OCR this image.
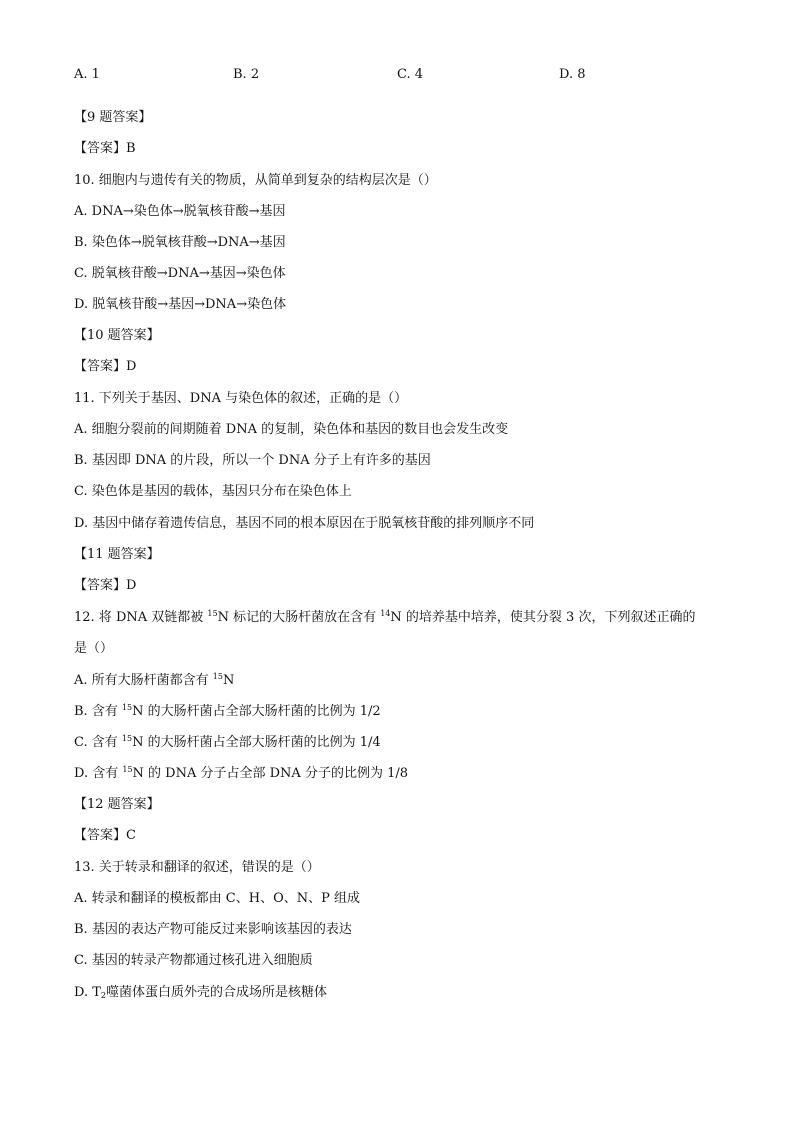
A. 1	B. 2	C. 4	D. 8
【9 题答案】
【答案】B
10. 细胞内与遗传有关的物质，从简单到复杂的结构层次是（）
A. DNA→染色体→脱氧核苷酸→基因
B. 染色体→脱氧核苷酸→DNA→基因
C. 脱氧核苷酸→DNA→基因→染色体
D. 脱氧核苷酸→基因→DNA→染色体
【10 题答案】
【答案】D
11. 下列关于基因、DNA 与染色体的叙述，正确的是（）
A. 细胞分裂前的间期随着 DNA 的复制，染色体和基因的数目也会发生改变
B. 基因即 DNA 的片段，所以一个 DNA 分子上有许多的基因
C. 染色体是基因的载体，基因只分布在染色体上
D. 基因中储存着遗传信息，基因不同的根本原因在于脱氧核苷酸的排列顺序不同
【11 题答案】
【答案】D
12. 将 DNA 双链都被 $^{15}$N 标记的大肠杆菌放在含有 $^{14}$N 的培养基中培养，使其分裂 3 次，下列叙述正确的
是（）
A. 所有大肠杆菌都含有 $^{15}$N
B. 含有 $^{15}$N 的大肠杆菌占全部大肠杆菌的比例为 1/2
C. 含有 $^{15}$N 的大肠杆菌占全部大肠杆菌的比例为 1/4
D. 含有 $^{15}$N 的 DNA 分子占全部 DNA 分子的比例为 1/8
【12 题答案】
【答案】C
13. 关于转录和翻译的叙述，错误的是（）
A. 转录和翻译的模板都由 C、H、O、N、P 组成
B. 基因的表达产物可能反过来影响该基因的表达
C. 基因的转录产物都通过核孔进入细胞质
D. $T_2$噬菌体蛋白质外壳的合成场所是核糖体
